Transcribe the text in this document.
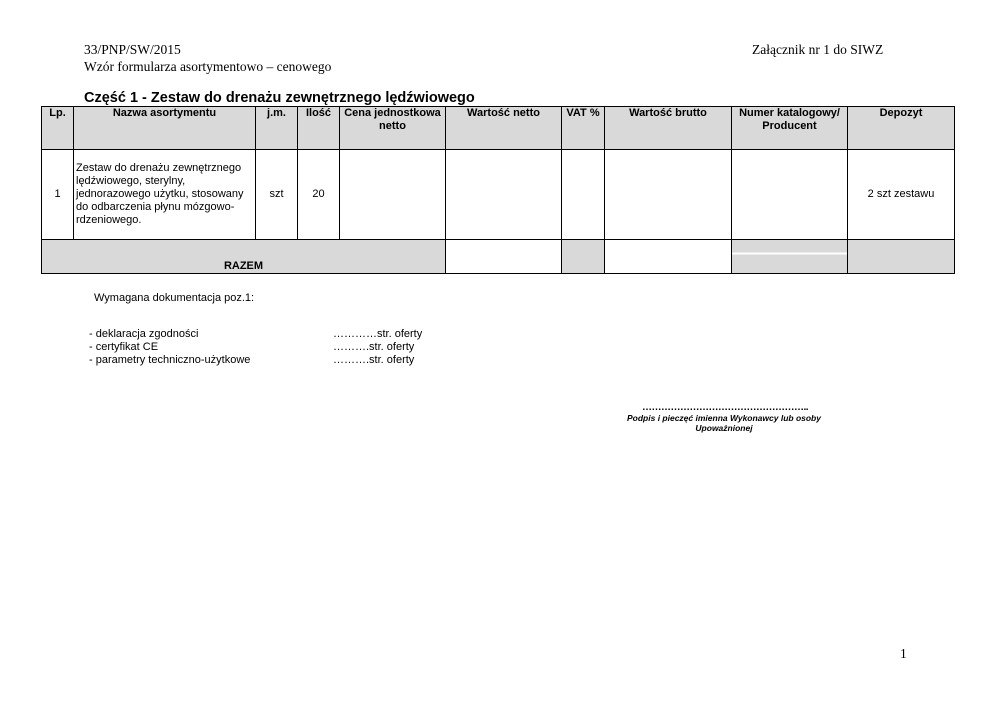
33/PNP/SW/2015
Wzór formularza asortymentowo – cenowego
Załącznik nr 1 do SIWZ
Część 1 - Zestaw do drenażu zewnętrznego lędźwiowego
Lp.	Nazwa asortymentu	j.m.	Ilość	Cena jednostkowa netto	Wartość netto	VAT %	Wartość brutto	Numer katalogowy/ Producent	Depozyt
1	Zestaw do drenażu zewnętrznego lędźwiowego, sterylny, jednorazowego użytku, stosowany do odbarczenia płynu mózgowo-rdzeniowego.	szt	20						2 szt zestawu
RAZEM									
Wymagana dokumentacja poz.1:
- deklaracja zgodności	…………str. oferty
- certyfikat CE	……….str. oferty
- parametry techniczno-użytkowe	……….str. oferty
……………………………………………..
Podpis i pieczęć imienna Wykonawcy lub osoby Upoważnionej
1
